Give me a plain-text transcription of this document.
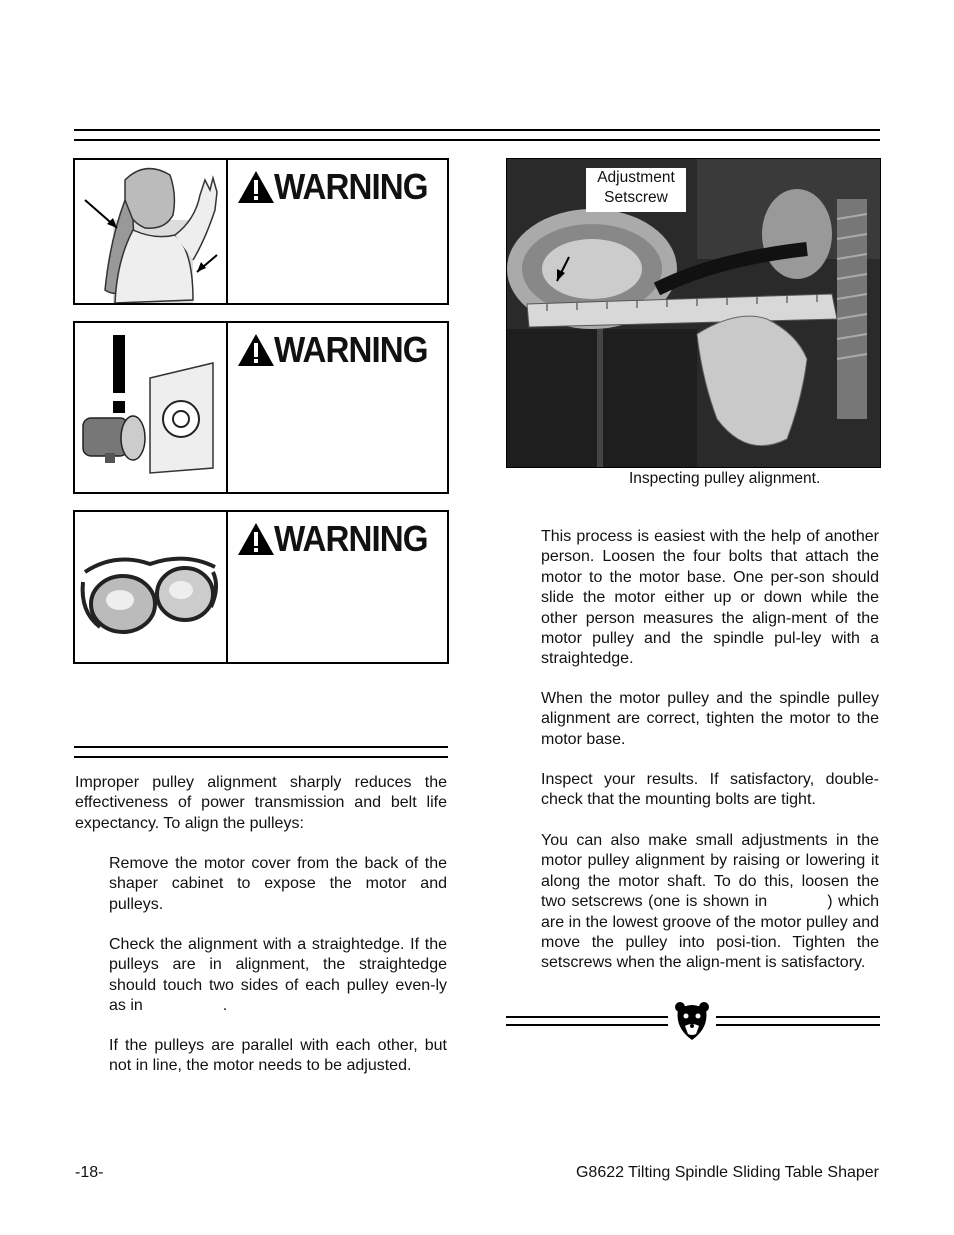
WARNING
WARNING
WARNING

Improper pulley alignment sharply reduces the effectiveness of power transmission and belt life expectancy. To align the pulleys:

Remove the motor cover from the back of the shaper cabinet to expose the motor and pulleys.

Check the alignment with a straightedge. If the pulleys are in alignment, the straightedge should touch two sides of each pulley even-ly as in	.

If the pulleys are parallel with each other, but not in line, the motor needs to be adjusted.

Adjustment
Setscrew
Inspecting pulley alignment.

This process is easiest with the help of another person. Loosen the four bolts that attach the motor to the motor base. One per-son should slide the motor either up or down while the other person measures the align-ment of the motor pulley and the spindle pul-ley with a straightedge.

When the motor pulley and the spindle pulley alignment are correct, tighten the motor to the motor base.

Inspect your results. If satisfactory, double-check that the mounting bolts are tight.

You can also make small adjustments in the motor pulley alignment by raising or lowering it along the motor shaft. To do this, loosen the two setscrews (one is shown in	) which are in the lowest groove of the motor pulley and move the pulley into posi-tion. Tighten the setscrews when the align-ment is satisfactory.

-18-	G8622 Tilting Spindle Sliding Table Shaper
